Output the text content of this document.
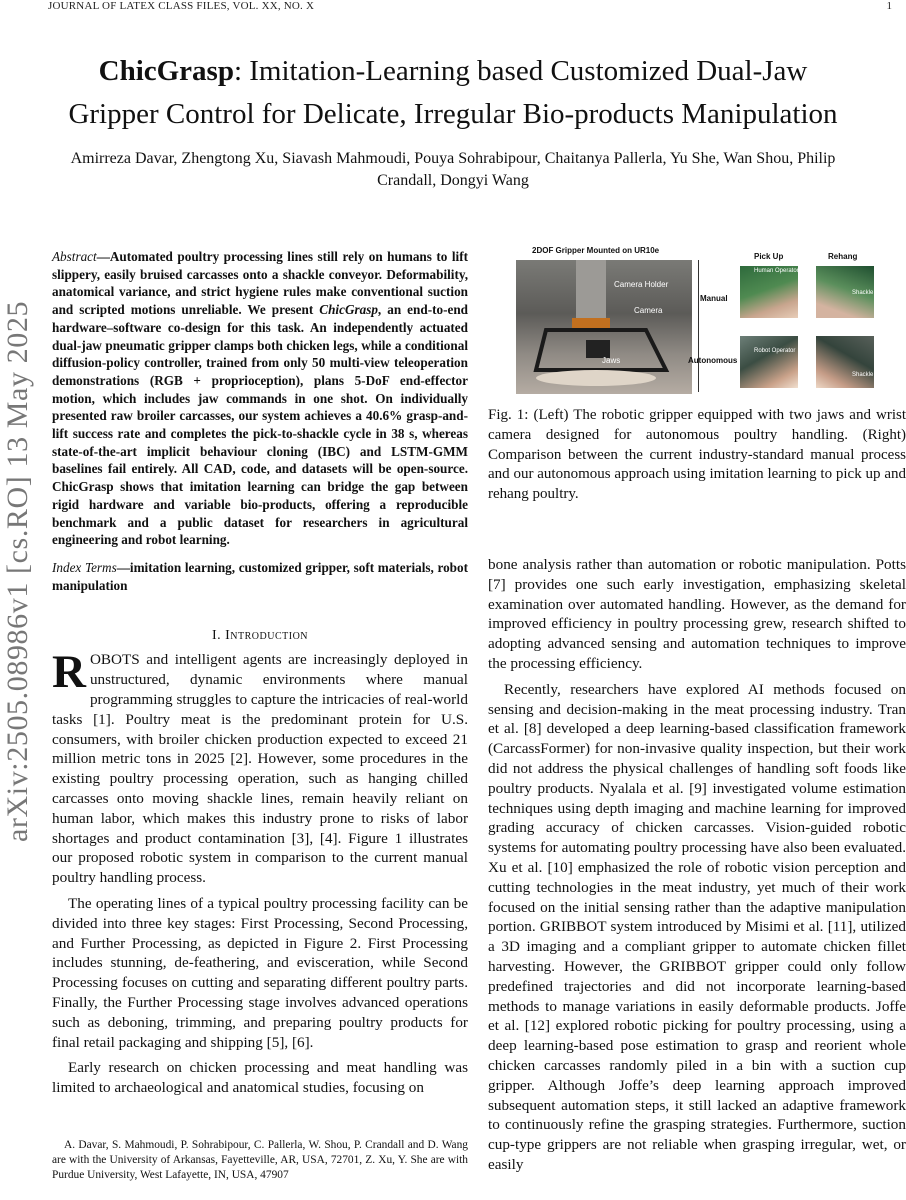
JOURNAL OF LATEX CLASS FILES, VOL. XX, NO. X	1
arXiv:2505.08986v1 [cs.RO] 13 May 2025
ChicGrasp: Imitation-Learning based Customized Dual-Jaw Gripper Control for Delicate, Irregular Bio-products Manipulation
Amirreza Davar, Zhengtong Xu, Siavash Mahmoudi, Pouya Sohrabipour, Chaitanya Pallerla, Yu She, Wan Shou, Philip Crandall, Dongyi Wang
Abstract—Automated poultry processing lines still rely on humans to lift slippery, easily bruised carcasses onto a shackle conveyor. Deformability, anatomical variance, and strict hygiene rules make conventional suction and scripted motions unreliable. We present ChicGrasp, an end-to-end hardware–software co-design for this task. An independently actuated dual-jaw pneumatic gripper clamps both chicken legs, while a conditional diffusion-policy controller, trained from only 50 multi-view teleoperation demonstrations (RGB + proprioception), plans 5-DoF end-effector motion, which includes jaw commands in one shot. On individually presented raw broiler carcasses, our system achieves a 40.6% grasp-and-lift success rate and completes the pick-to-shackle cycle in 38 s, whereas state-of-the-art implicit behaviour cloning (IBC) and LSTM-GMM baselines fail entirely. All CAD, code, and datasets will be open-source. ChicGrasp shows that imitation learning can bridge the gap between rigid hardware and variable bio-products, offering a reproducible benchmark and a public dataset for researchers in agricultural engineering and robot learning.
Index Terms—imitation learning, customized gripper, soft materials, robot manipulation
I. Introduction

ROBOTS and intelligent agents are increasingly deployed in unstructured, dynamic environments where manual programming struggles to capture the intricacies of real-world tasks [1]. Poultry meat is the predominant protein for U.S. consumers, with broiler chicken production expected to exceed 21 million metric tons in 2025 [2]. However, some procedures in the existing poultry processing operation, such as hanging chilled carcasses onto moving shackle lines, remain heavily reliant on human labor, which makes this industry prone to risks of labor shortages and product contamination [3], [4]. Figure 1 illustrates our proposed robotic system in comparison to the current manual poultry handling process.

The operating lines of a typical poultry processing facility can be divided into three key stages: First Processing, Second Processing, and Further Processing, as depicted in Figure 2. First Processing includes stunning, de-feathering, and evisceration, while Second Processing focuses on cutting and separating different poultry parts. Finally, the Further Processing stage involves advanced operations such as deboning, trimming, and preparing poultry products for final retail packaging and shipping [5], [6].

Early research on chicken processing and meat handling was limited to archaeological and anatomical studies, focusing on

A. Davar, S. Mahmoudi, P. Sohrabipour, C. Pallerla, W. Shou, P. Crandall and D. Wang are with the University of Arkansas, Fayetteville, AR, USA, 72701, Z. Xu, Y. She are with Purdue University, West Lafayette, IN, USA, 47907
2DOF Gripper Mounted on UR10e
Camera Holder
Camera
Jaws
Pick Up	Rehang
Manual
Autonomous
Human Operator
Shackle
Robot Operator
Shackle
Fig. 1: (Left) The robotic gripper equipped with two jaws and wrist camera designed for autonomous poultry handling. (Right) Comparison between the current industry-standard manual process and our autonomous approach using imitation learning to pick up and rehang poultry.

bone analysis rather than automation or robotic manipulation. Potts [7] provides one such early investigation, emphasizing skeletal examination over automated handling. However, as the demand for improved efficiency in poultry processing grew, research shifted to adopting advanced sensing and automation techniques to improve the processing efficiency.

Recently, researchers have explored AI methods focused on sensing and decision-making in the meat processing industry. Tran et al. [8] developed a deep learning-based classification framework (CarcassFormer) for non-invasive quality inspection, but their work did not address the physical challenges of handling soft foods like poultry products. Nyalala et al. [9] investigated volume estimation techniques using depth imaging and machine learning for improved grading accuracy of chicken carcasses. Vision-guided robotic systems for automating poultry processing have also been evaluated. Xu et al. [10] emphasized the role of robotic vision perception and cutting technologies in the meat industry, yet much of their work focused on the initial sensing rather than the adaptive manipulation portion. GRIBBOT system introduced by Misimi et al. [11], utilized a 3D imaging and a compliant gripper to automate chicken fillet harvesting. However, the GRIBBOT gripper could only follow predefined trajectories and did not incorporate learning-based methods to manage variations in easily deformable products. Joffe et al. [12] explored robotic picking for poultry processing, using a deep learning-based pose estimation to grasp and reorient whole chicken carcasses randomly piled in a bin with a suction cup gripper. Although Joffe’s deep learning approach improved subsequent automation steps, it still lacked an adaptive framework to continuously refine the grasping strategies. Furthermore, suction cup-type grippers are not reliable when grasping irregular, wet, or easily
